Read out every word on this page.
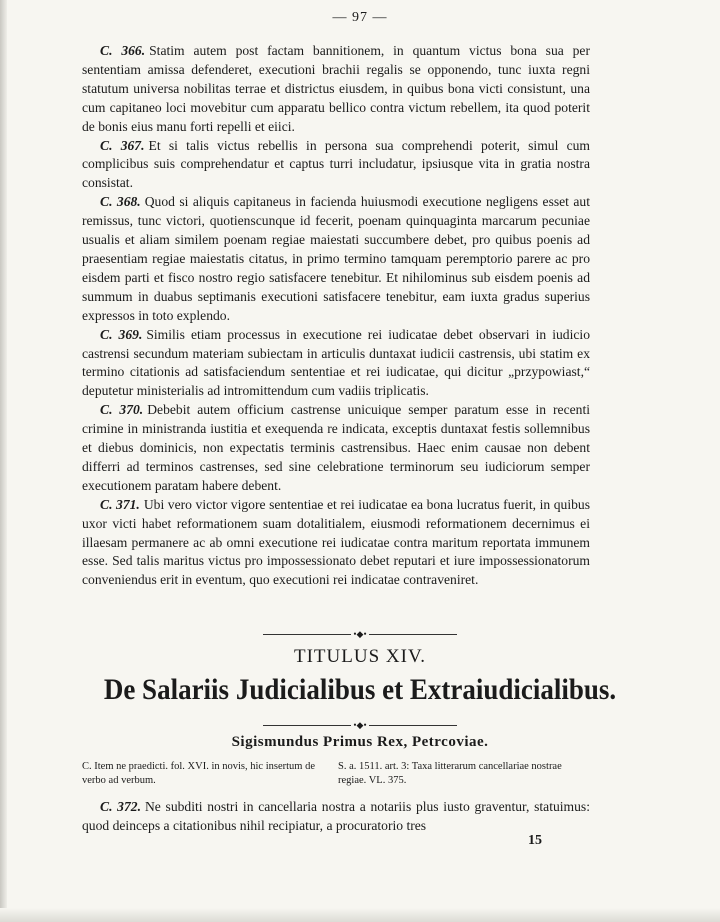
— 97 —

C. 366. Statim autem post factam bannitionem, in quantum victus bona sua per sententiam amissa defenderet, executioni brachii regalis se opponendo, tunc iuxta regni statutum universa nobilitas terrae et districtus eiusdem, in quibus bona victi consistunt, una cum capitaneo loci movebitur cum apparatu bellico contra victum rebellem, ita quod poterit de bonis eius manu forti repelli et eiici.

C. 367. Et si talis victus rebellis in persona sua comprehendi poterit, simul cum complicibus suis comprehendatur et captus turri includatur, ipsiusque vita in gratia nostra consistat.

C. 368. Quod si aliquis capitaneus in facienda huiusmodi executione negligens esset aut remissus, tunc victori, quotienscunque id fecerit, poenam quinquaginta marcarum pecuniae usualis et aliam similem poenam regiae maiestati succumbere debet, pro quibus poenis ad praesentiam regiae maiestatis citatus, in primo termino tamquam peremptorio parere ac pro eisdem parti et fisco nostro regio satisfacere tenebitur. Et nihilominus sub eisdem poenis ad summum in duabus septimanis executioni satisfacere tenebitur, eam iuxta gradus superius expressos in toto explendo.

C. 369. Similis etiam processus in executione rei iudicatae debet observari in iudicio castrensi secundum materiam subiectam in articulis duntaxat iudicii castrensis, ubi statim ex termino citationis ad satisfaciendum sententiae et rei iudicatae, qui dicitur „przypowiast,“ deputetur ministerialis ad intromittendum cum vadiis triplicatis.

C. 370. Debebit autem officium castrense unicuique semper paratum esse in recenti crimine in ministranda iustitia et exequenda re indicata, exceptis duntaxat festis sollemnibus et diebus dominicis, non expectatis terminis castrensibus. Haec enim causae non debent differri ad terminos castrenses, sed sine celebratione terminorum seu iudiciorum semper executionem paratam habere debent.

C. 371. Ubi vero victor vigore sententiae et rei iudicatae ea bona lucratus fuerit, in quibus uxor victi habet reformationem suam dotalitialem, eiusmodi reformationem decernimus ei illaesam permanere ac ab omni executione rei iudicatae contra maritum reportata immunem esse. Sed talis maritus victus pro impossessionato debet reputari et iure impossessionatorum conveniendus erit in eventum, quo executioni rei indicatae contraveniret.

•◆•
TITULUS XIV.
De Salariis Judicialibus et Extraiudicialibus.
•◆•
Sigismundus Primus Rex, Petrcoviae.
C. Item ne praedicti. fol. XVI. in novis, hic insertum de verbo ad verbum.
S. a. 1511. art. 3: Taxa litterarum cancellariae nostrae regiae. VL. 375.
C. 372. Ne subditi nostri in cancellaria nostra a notariis plus iusto graventur, statuimus: quod deinceps a citationibus nihil recipiatur, a procuratorio tres
15
